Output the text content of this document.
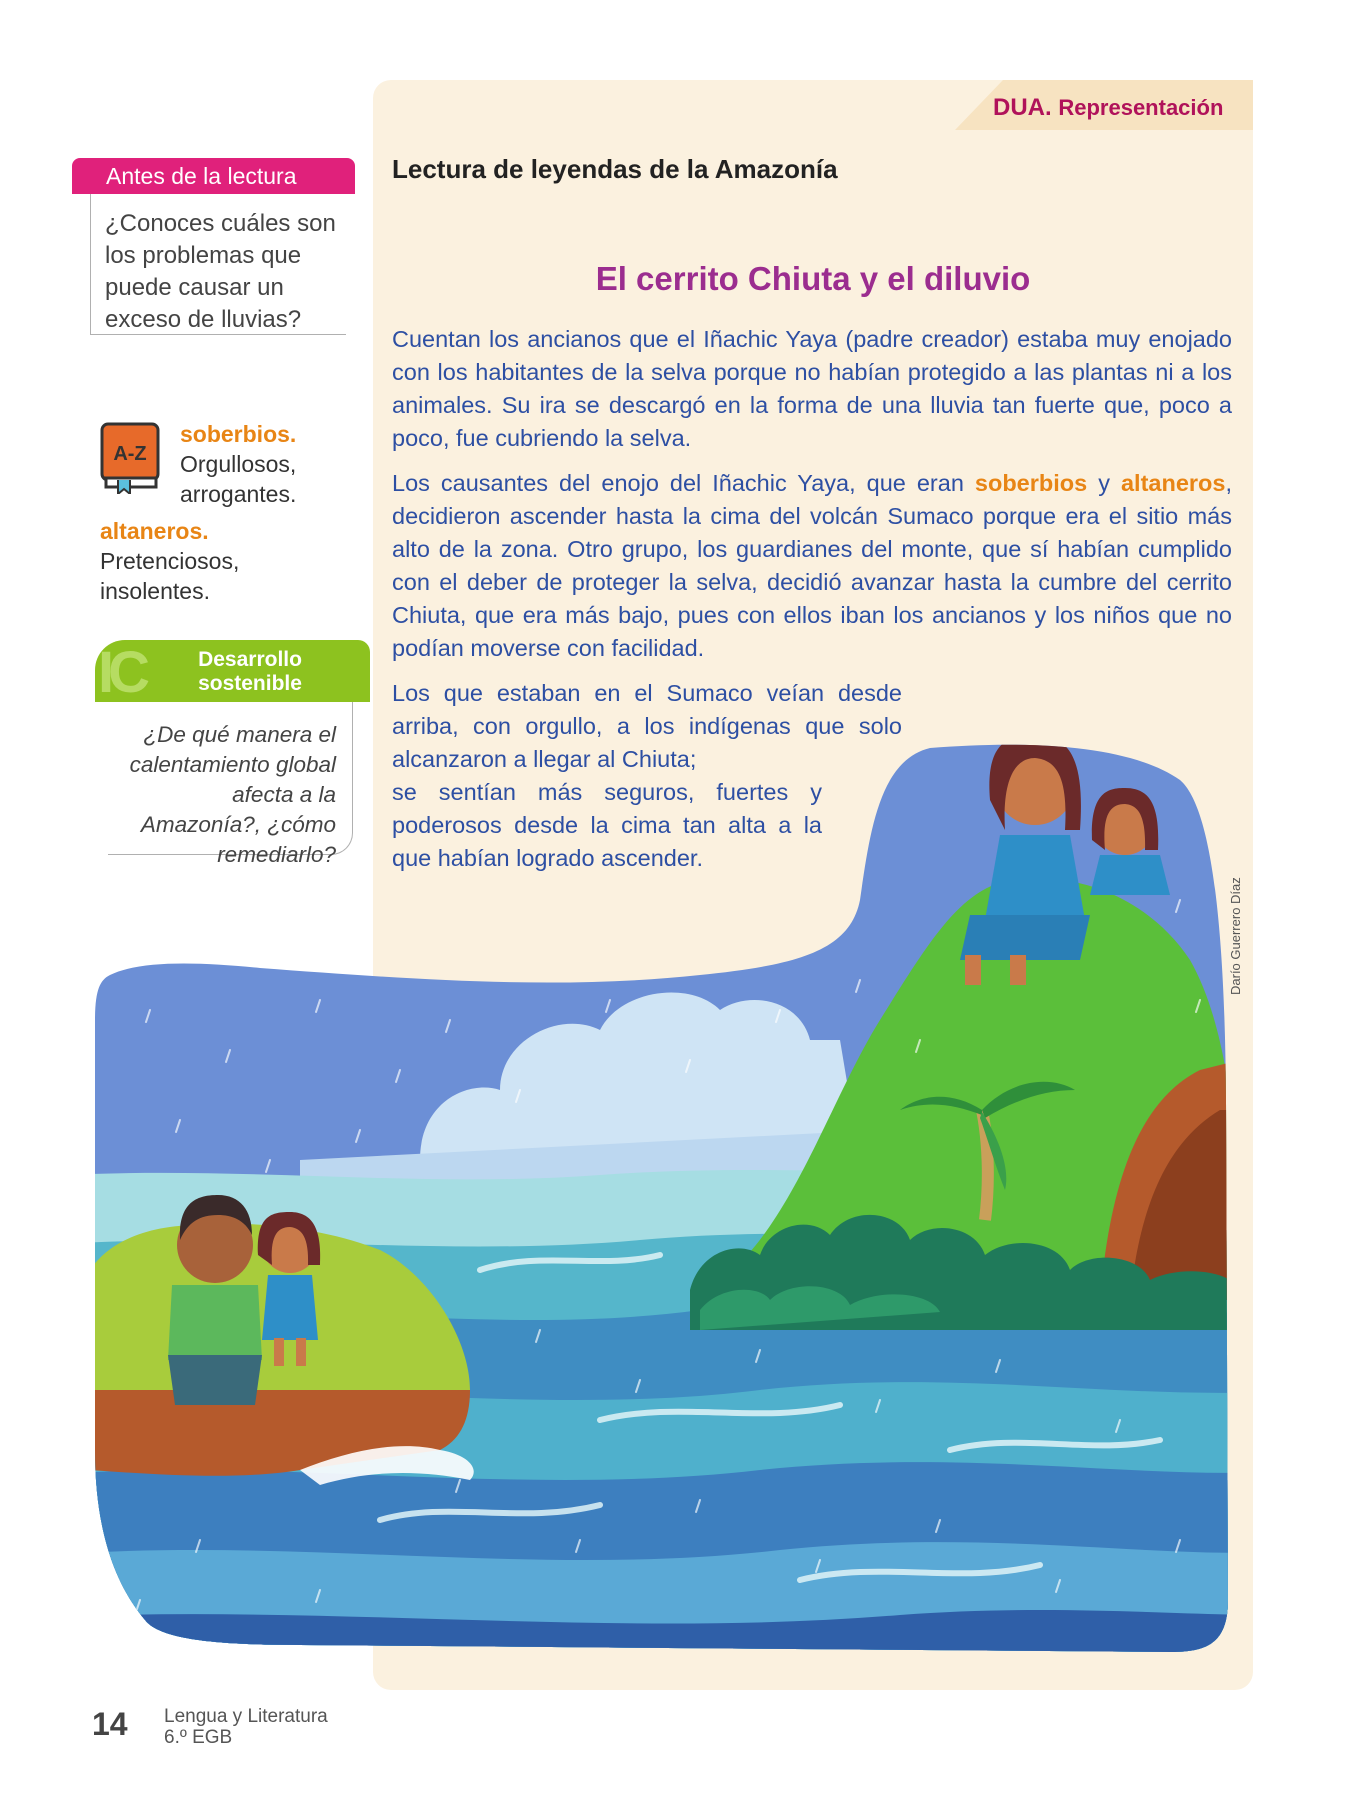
DUA. Representación
Lectura de leyendas de la Amazonía
El cerrito Chiuta y el diluvio

Cuentan los ancianos que el Iñachic Yaya (padre creador) estaba muy enojado con los habitantes de la selva porque no habían protegido a las plantas ni a los animales. Su ira se descargó en la forma de una lluvia tan fuerte que, poco a poco, fue cubriendo la selva.

Los causantes del enojo del Iñachic Yaya, que eran soberbios y altaneros, decidieron ascender hasta la cima del volcán Sumaco porque era el sitio más alto de la zona. Otro grupo, los guardianes del monte, que sí habían cumplido con el deber de proteger la selva, decidió avanzar hasta la cumbre del cerrito Chiuta, que era más bajo, pues con ellos iban los ancianos y los niños que no podían moverse con facilidad.

Los que estaban en el Sumaco veían desde arriba, con orgullo, a los indígenas que solo alcanzaron a llegar al Chiuta;
se sentían más seguros, fuertes y poderosos desde la cima tan alta a la que habían logrado ascender.

Antes de la lectura

¿Conoces cuáles son los problemas que puede causar un exceso de lluvias?

A-Z

soberbios.
Orgullosos, arrogantes.

altaneros. Pretenciosos, insolentes.

IC	Desarrollo sostenible

¿De qué manera el calentamiento global afecta a la Amazonía?, ¿cómo remediarlo?

Darío Guerrero Díaz
14 Lengua y Literatura
6.º EGB
